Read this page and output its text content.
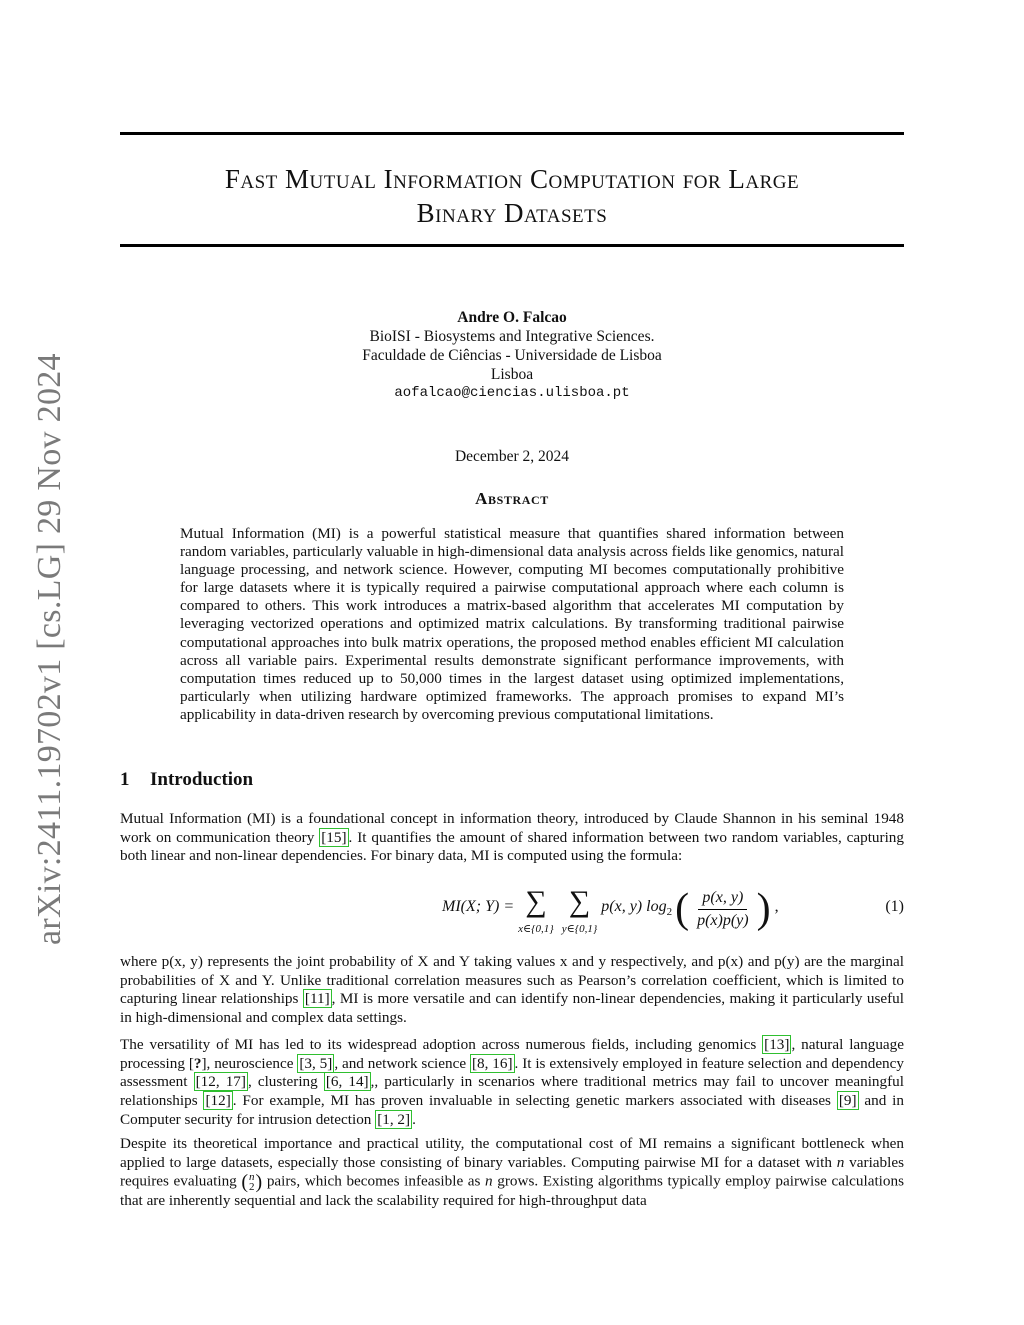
arXiv:2411.19702v1 [cs.LG] 29 Nov 2024
Fast Mutual Information Computation for Large
Binary Datasets
Andre O. Falcao
BioISI - Biosystems and Integrative Sciences.
Faculdade de Ciências - Universidade de Lisboa
Lisboa
aofalcao@ciencias.ulisboa.pt
December 2, 2024
Abstract
Mutual Information (MI) is a powerful statistical measure that quantifies shared information between random variables, particularly valuable in high-dimensional data analysis across fields like genomics, natural language processing, and network science. However, computing MI becomes computationally prohibitive for large datasets where it is typically required a pairwise computational approach where each column is compared to others. This work introduces a matrix-based algorithm that accelerates MI computation by leveraging vectorized operations and optimized matrix calculations. By transforming traditional pairwise computational approaches into bulk matrix operations, the proposed method enables efficient MI calculation across all variable pairs. Experimental results demonstrate significant performance improvements, with computation times reduced up to 50,000 times in the largest dataset using optimized implementations, particularly when utilizing hardware optimized frameworks. The approach promises to expand MI’s applicability in data-driven research by overcoming previous computational limitations.
1 Introduction

Mutual Information (MI) is a foundational concept in information theory, introduced by Claude Shannon in his seminal 1948 work on communication theory [15] . It quantifies the amount of shared information between two random variables, capturing both linear and non-linear dependencies. For binary data, MI is computed using the formula:

MI(X; Y) = ∑
x∈{0,1}
∑
y∈{0,1}
p(x, y) $\log_2$ ( $\frac{p(x, y)}{p(x)p(y)}$ ) ,	(1)

where p(x, y) represents the joint probability of X and Y taking values x and y respectively, and p(x) and p(y) are the marginal probabilities of X and Y. Unlike traditional correlation measures such as Pearson’s correlation coefficient, which is limited to capturing linear relationships [11] , MI is more versatile and can identify non-linear dependencies, making it particularly useful in high-dimensional and complex data settings.

The versatility of MI has led to its widespread adoption across numerous fields, including genomics [13] , natural language processing [?], neuroscience [3, 5] , and network science [8, 16] . It is extensively employed in feature selection and dependency assessment [12, 17] , clustering [6, 14] ,, particularly in scenarios where traditional metrics may fail to uncover meaningful relationships [12] . For example, MI has proven invaluable in selecting genetic markers associated with diseases [9] and in Computer security for intrusion detection [1, 2] .

Despite its theoretical importance and practical utility, the computational cost of MI remains a significant bottleneck when applied to large datasets, especially those consisting of binary variables. Computing pairwise MI for a dataset with n variables requires evaluating ( n
2 ) pairs, which becomes infeasible as n grows. Existing algorithms typically employ pairwise calculations that are inherently sequential and lack the scalability required for high-throughput data
